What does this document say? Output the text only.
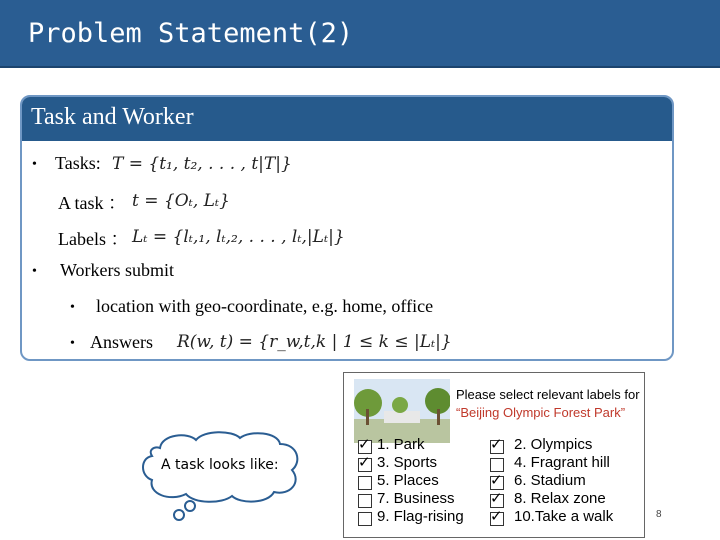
Problem Statement(2)
Task and Worker
• Tasks: T = {t₁, t₂, . . . , t|T|}
A task ： t = {Oₜ, Lₜ}
Labels ： Lₜ = {lₜ,₁, lₜ,₂, . . . , lₜ,|Lₜ|}
• Workers submit
• location with geo-coordinate, e.g. home, office
• Answers R(w, t) = {r_w,t,k | 1 ≤ k ≤ |Lₜ|}
A task looks like:
Please select relevant labels for
“Beijing Olympic Forest Park”
✓ 1. Park
✓ 3. Sports
5. Places
7. Business
9. Flag-rising
✓ 2. Olympics
4. Fragrant hill
✓ 6. Stadium
✓ 8. Relax zone
✓ 10.Take a walk	8
